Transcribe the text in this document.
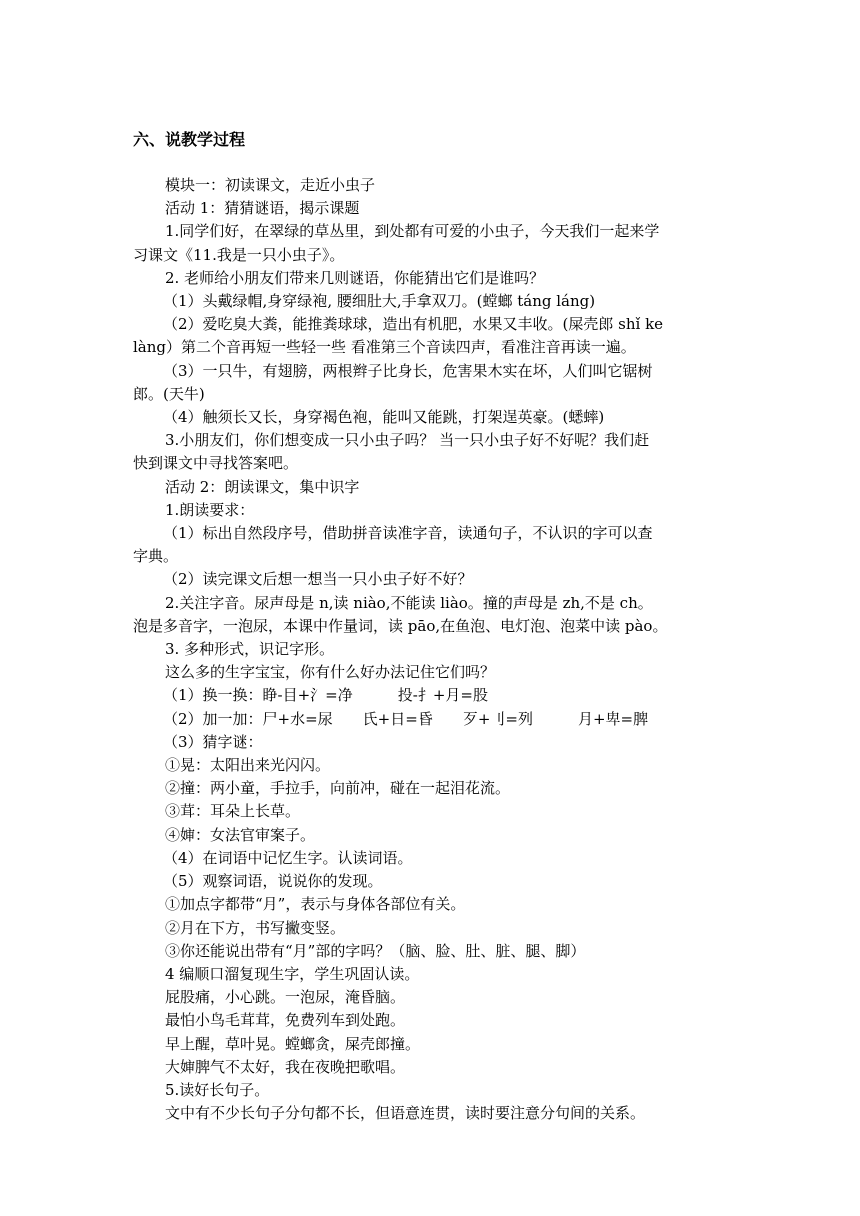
六、说教学过程

模块一：初读课文，走近小虫子

活动 1：猜猜谜语，揭示课题

1.同学们好，在翠绿的草丛里，到处都有可爱的小虫子，今天我们一起来学

习课文《11.我是一只小虫子》。

2. 老师给小朋友们带来几则谜语，你能猜出它们是谁吗？

（1）头戴绿帽,身穿绿袍, 腰细肚大,手拿双刀。(螳螂 táng láng)

（2）爱吃臭大粪，能推粪球球，造出有机肥，水果又丰收。(屎壳郎 shǐ ke

làng）第二个音再短一些轻一些 看准第三个音读四声，看准注音再读一遍。

（3）一只牛，有翅膀，两根辫子比身长，危害果木实在坏，人们叫它锯树

郎。(天牛)

（4）触须长又长，身穿褐色袍，能叫又能跳，打架逞英豪。(蟋蟀)

3.小朋友们，你们想变成一只小虫子吗？ 当一只小虫子好不好呢？我们赶

快到课文中寻找答案吧。

活动 2：朗读课文，集中识字

1.朗读要求：

（1）标出自然段序号，借助拼音读准字音，读通句子，不认识的字可以查

字典。

（2）读完课文后想一想当一只小虫子好不好？

2.关注字音。尿声母是 n,读 niào,不能读 liào。撞的声母是 zh,不是 ch。

泡是多音字，一泡尿，本课中作量词，读 pāo,在鱼泡、电灯泡、泡菜中读 pào。

3. 多种形式，识记字形。

这么多的生字宝宝，你有什么好办法记住它们吗？

（1）换一换：睁-目+氵=净　　　投-扌+月=股

（2）加一加：尸+水=尿　　氏+日=昏　　歹+刂=列　　　月+卑=脾

（3）猜字谜：

①晃：太阳出来光闪闪。

②撞：两小童，手拉手，向前冲，碰在一起泪花流。

③茸：耳朵上长草。

④婶：女法官审案子。

（4）在词语中记忆生字。认读词语。

（5）观察词语，说说你的发现。

①加点字都带“月”，表示与身体各部位有关。

②月在下方，书写撇变竖。

③你还能说出带有“月”部的字吗？（脑、脸、肚、脏、腿、脚）

4 编顺口溜复现生字，学生巩固认读。

屁股痛，小心跳。一泡尿，淹昏脑。

最怕小鸟毛茸茸，免费列车到处跑。

早上醒，草叶晃。螳螂贪，屎壳郎撞。

大婶脾气不太好，我在夜晚把歌唱。

5.读好长句子。

文中有不少长句子分句都不长，但语意连贯，读时要注意分句间的关系。
